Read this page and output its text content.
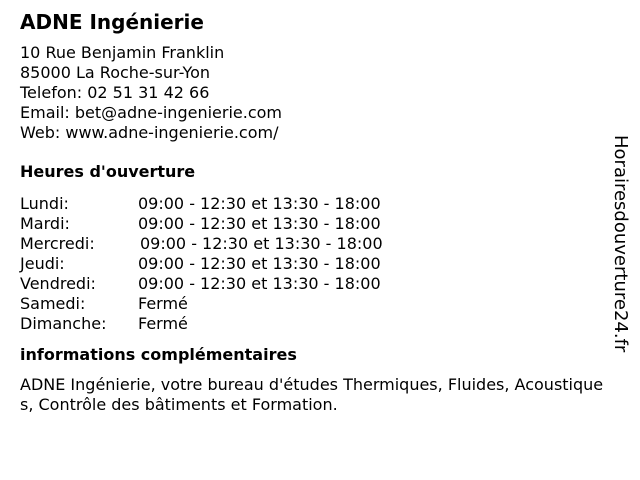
ADNE Ingénierie
10 Rue Benjamin Franklin
85000 La Roche-sur-Yon
Telefon: 02 51 31 42 66
Email: bet@adne-ingenierie.com
Web: www.adne-ingenierie.com/
Heures d'ouverture
Lundi:	09:00 - 12:30 et 13:30 - 18:00
Mardi:	09:00 - 12:30 et 13:30 - 18:00
Mercredi:	09:00 - 12:30 et 13:30 - 18:00
Jeudi:	09:00 - 12:30 et 13:30 - 18:00
Vendredi:	09:00 - 12:30 et 13:30 - 18:00
Samedi:	Fermé
Dimanche:	Fermé
informations complémentaires
ADNE Ingénierie, votre bureau d'études Thermiques, Fluides, Acoustiques, Contrôle des bâtiments et Formation.
Horairesdouverture24.fr
